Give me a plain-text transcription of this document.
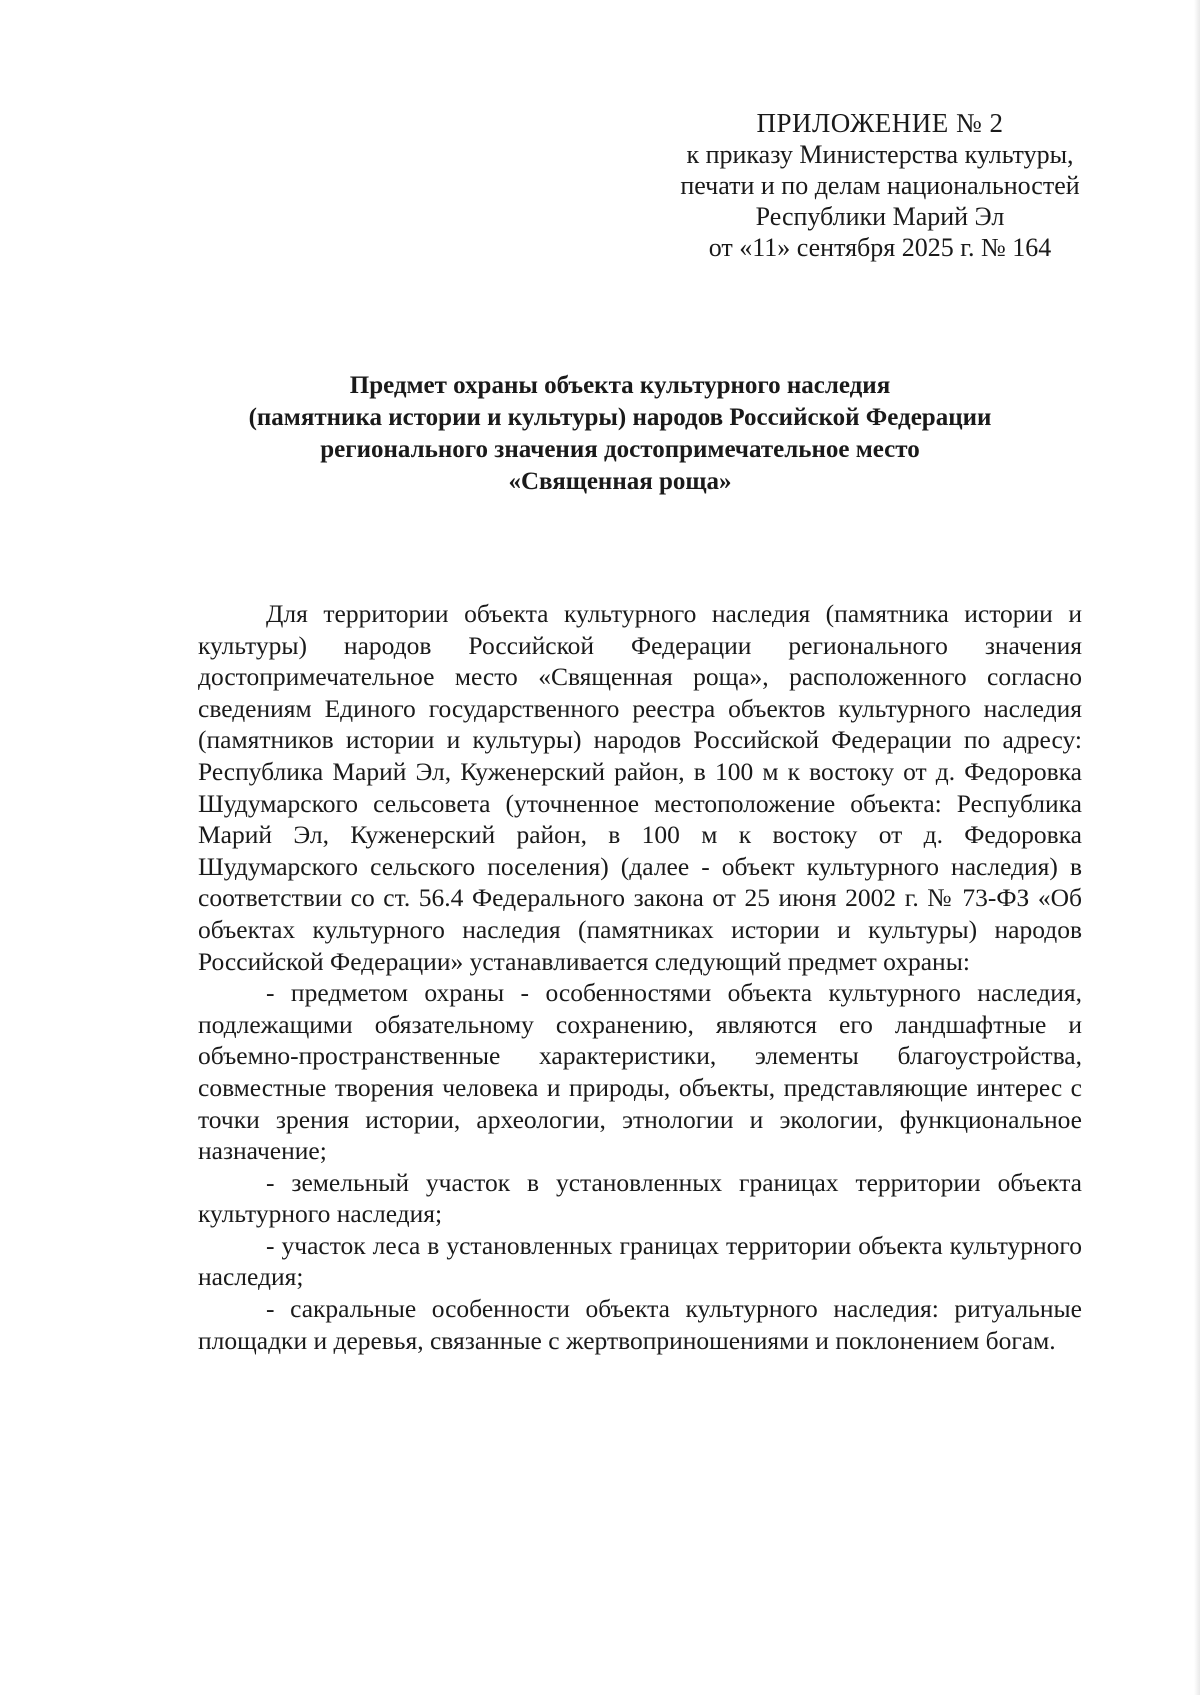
ПРИЛОЖЕНИЕ № 2
к приказу Министерства культуры,
печати и по делам национальностей
Республики Марий Эл
от «11» сентября 2025 г. № 164
Предмет охраны объекта культурного наследия
(памятника истории и культуры) народов Российской Федерации
регионального значения достопримечательное место
«Священная роща»

Для территории объекта культурного наследия (памятника истории и культуры) народов Российской Федерации регионального значения достопримечательное место «Священная роща», расположенного согласно сведениям Единого государственного реестра объектов культурного наследия (памятников истории и культуры) народов Российской Федерации по адресу: Республика Марий Эл, Куженерский район, в 100 м к востоку от д. Федоровка Шудумарского сельсовета (уточненное местоположение объекта: Республика Марий Эл, Куженерский район, в 100 м к востоку от д. Федоровка Шудумарского сельского поселения) (далее - объект культурного наследия) в соответствии со ст. 56.4 Федерального закона от 25 июня 2002 г. № 73-ФЗ «Об объектах культурного наследия (памятниках истории и культуры) народов Российской Федерации» устанавливается следующий предмет охраны:

- предметом охраны - особенностями объекта культурного наследия, подлежащими обязательному сохранению, являются его ландшафтные и объемно-пространственные характеристики, элементы благоустройства, совместные творения человека и природы, объекты, представляющие интерес с точки зрения истории, археологии, этнологии и экологии, функциональное назначение;

- земельный участок в установленных границах территории объекта культурного наследия;

- участок леса в установленных границах территории объекта культурного наследия;

- сакральные особенности объекта культурного наследия: ритуальные площадки и деревья, связанные с жертвоприношениями и поклонением богам.
